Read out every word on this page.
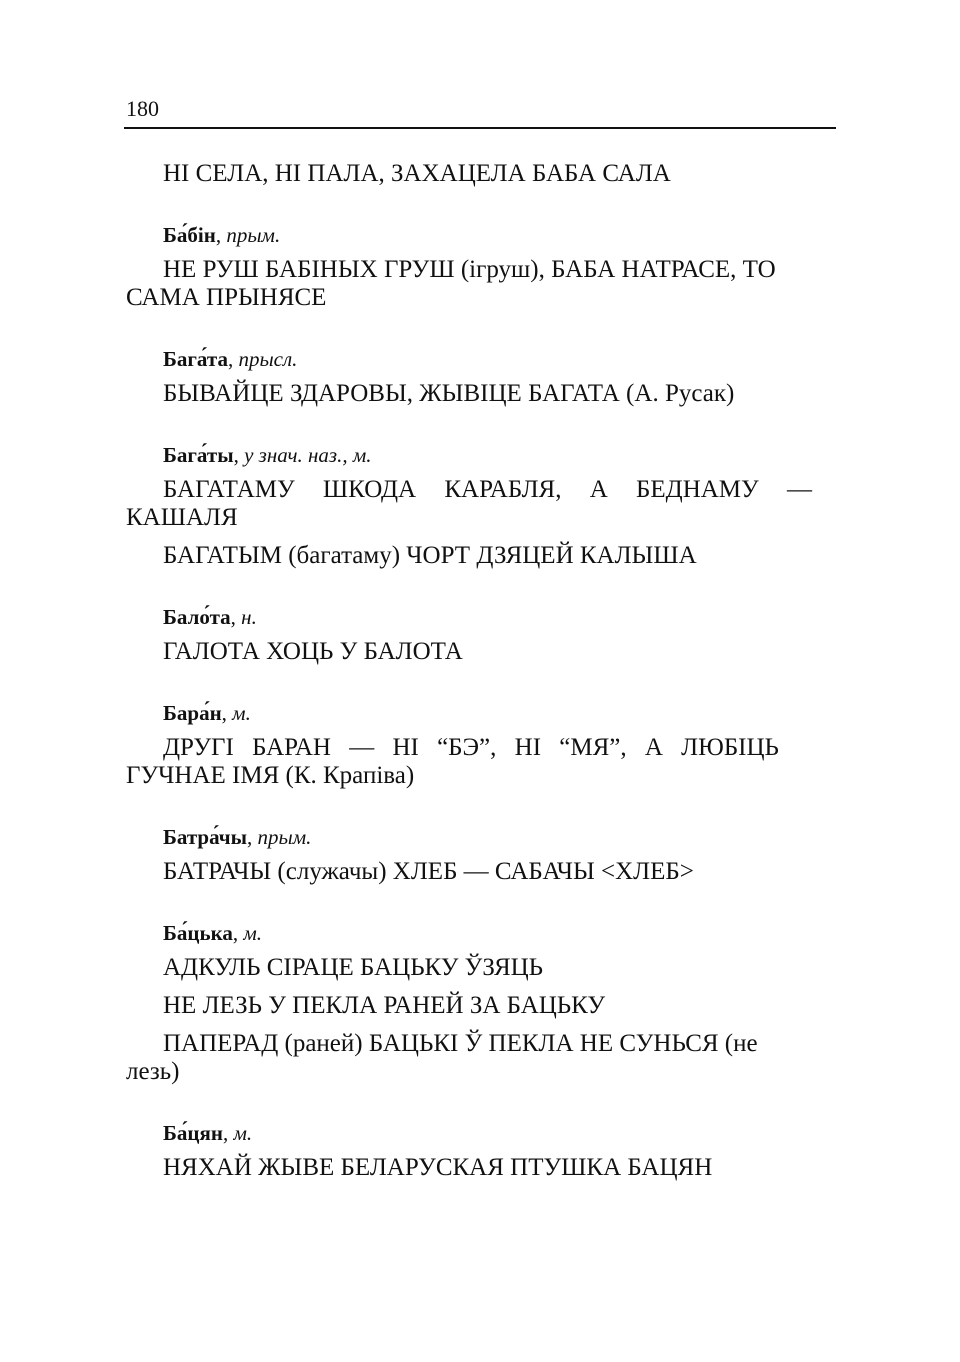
180

НІ СЕЛА, НІ ПАЛА, ЗАХАЦЕЛА БАБА САЛА

Ба́бін, прым.

НЕ РУШ БАБІНЫХ ГРУШ (ігруш), БАБА НАТРАСЕ, ТО

САМА ПРЫНЯСЕ

Бага́та, прысл.

БЫВАЙЦЕ ЗДАРОВЫ, ЖЫВІЦЕ БАГАТА (А. Русак)

Бага́ты, у знач. наз., м.

БАГАТАМУ ШКОДА КАРАБЛЯ, А БЕДНАМУ —

КАШАЛЯ

БАГАТЫМ (багатаму) ЧОРТ ДЗЯЦЕЙ КАЛЫША

Бало́та, н.

ГАЛОТА ХОЦЬ У БАЛОТА

Бара́н, м.

ДРУГІ БАРАН — НІ “БЭ”, НІ “МЯ”, А ЛЮБІЦЬ

ГУЧНАЕ ІМЯ (К. Крапіва)

Батра́чы, прым.

БАТРАЧЫ (служачы) ХЛЕБ — САБАЧЫ <ХЛЕБ>

Ба́цька, м.

АДКУЛЬ СІРАЦЕ БАЦЬКУ ЎЗЯЦЬ

НЕ ЛЕЗЬ У ПЕКЛА РАНЕЙ ЗА БАЦЬКУ

ПАПЕРАД (раней) БАЦЬКІ Ў ПЕКЛА НЕ СУНЬСЯ (не

лезь)

Ба́цян, м.

НЯХАЙ ЖЫВЕ БЕЛАРУСКАЯ ПТУШКА БАЦЯН
